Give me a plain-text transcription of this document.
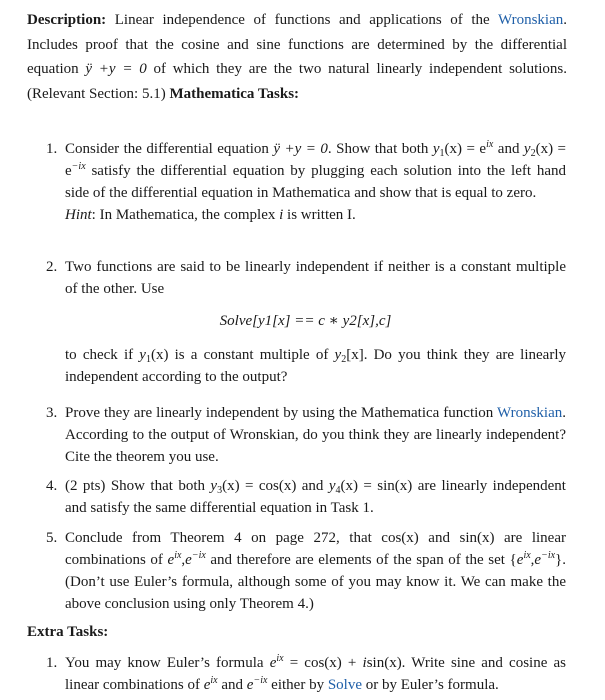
Description: Linear independence of functions and applications of the Wronskian. Includes proof that the cosine and sine functions are determined by the differential equation ÿ +y = 0 of which they are the two natural linearly independent solutions. (Relevant Section: 5.1) Mathematica Tasks:
1. Consider the differential equation ÿ +y = 0. Show that both $y_1(x) = e^{ix}$ and $y_2(x) = e^{-ix}$ satisfy the differential equation by plugging each solution into the left hand side of the differential equation in Mathematica and show that is equal to zero.
Hint: In Mathematica, the complex i is written I.
2. Two functions are said to be linearly independent if neither is a constant multiple of the other. Use
Solve[y1[x] == c ∗ y2[x],c]
to check if $y_1(x)$ is a constant multiple of $y_2[x]$. Do you think they are linearly independent according to the output?
3. Prove they are linearly independent by using the Mathematica function Wronskian. According to the output of Wronskian, do you think they are linearly independent? Cite the theorem you use.
4. (2 pts) Show that both $y_3(x) = \cos(x)$ and $y_4(x) = \sin(x)$ are linearly independent and satisfy the same differential equation in Task 1.
5. Conclude from Theorem 4 on page 272, that cos(x) and sin(x) are linear combinations of $e^{ix},e^{-ix}$ and therefore are elements of the span of the set $\{e^{ix},e^{-ix}\}$. (Don’t use Euler’s formula, although some of you may know it. We can make the above conclusion using only Theorem 4.)
Extra Tasks:
1. You may know Euler’s formula $e^{ix} = \cos(x) + isin(x)$. Write sine and cosine as linear combinations of $e^{ix}$ and $e^{-ix}$ either by Solve or by Euler’s formula.
